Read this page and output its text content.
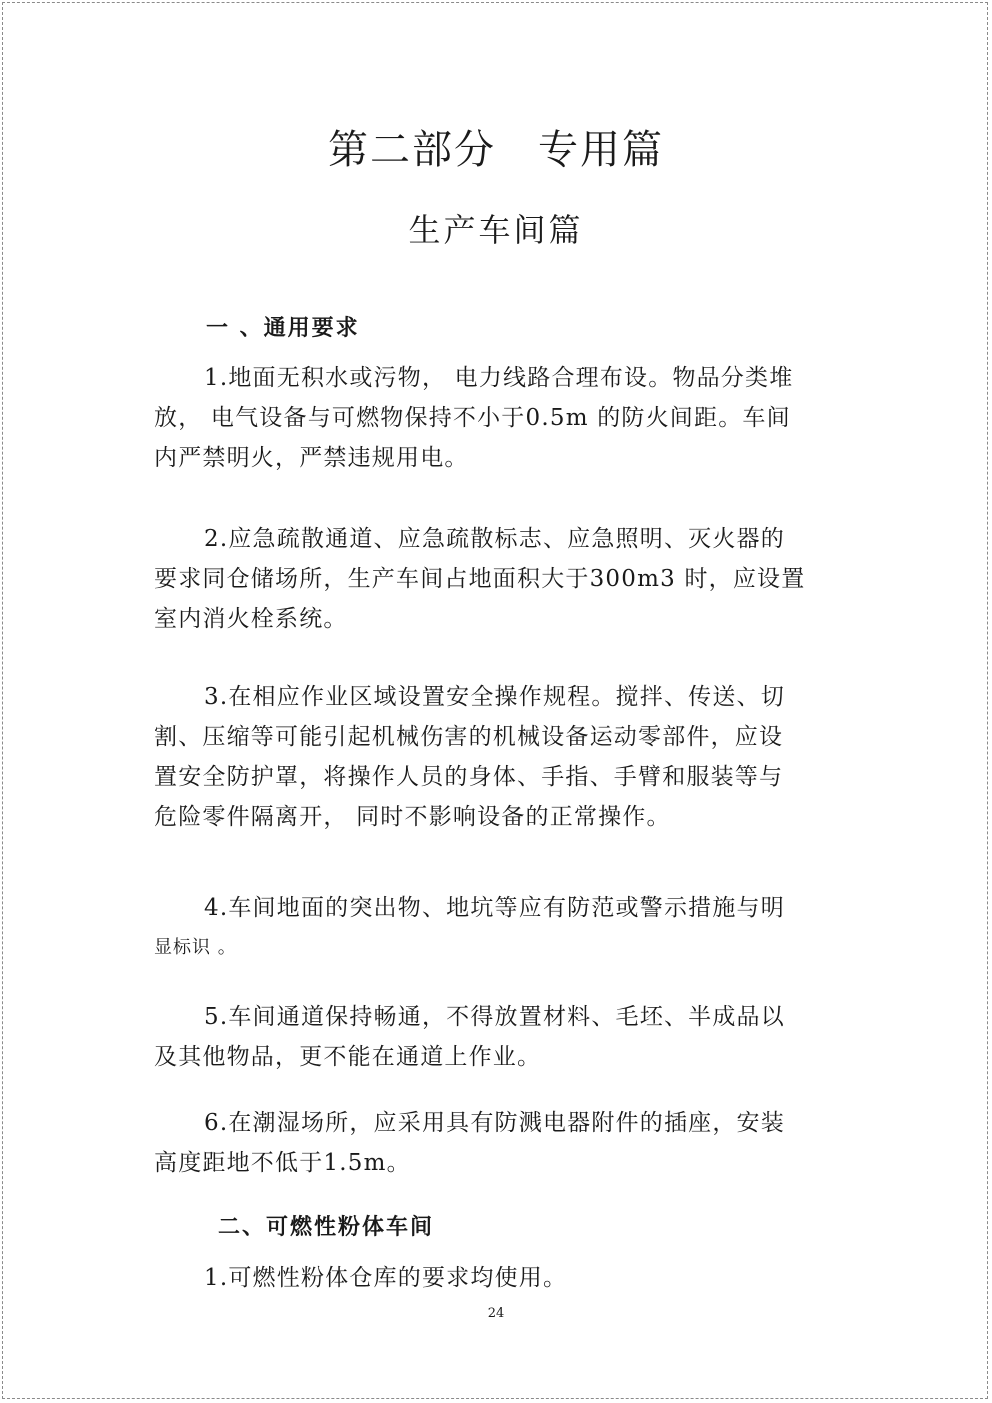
第二部分　专用篇
生产车间篇
一 、通用要求
1.地面无积水或污物， 电力线路合理布设。物品分类堆
放， 电气设备与可燃物保持不小于0.5m 的防火间距。车间
内严禁明火，严禁违规用电。
2.应急疏散通道、应急疏散标志、应急照明、灭火器的
要求同仓储场所，生产车间占地面积大于300m3 时，应设置
室内消火栓系统。
3.在相应作业区域设置安全操作规程。搅拌、传送、切
割、压缩等可能引起机械伤害的机械设备运动零部件，应设
置安全防护罩，将操作人员的身体、手指、手臂和服装等与
危险零件隔离开， 同时不影响设备的正常操作。
4.车间地面的突出物、地坑等应有防范或警示措施与明
显标识 。
5.车间通道保持畅通，不得放置材料、毛坯、半成品以
及其他物品，更不能在通道上作业。
6.在潮湿场所，应采用具有防溅电器附件的插座，安装
高度距地不低于1.5m。
二、可燃性粉体车间
1.可燃性粉体仓库的要求均使用。
24
